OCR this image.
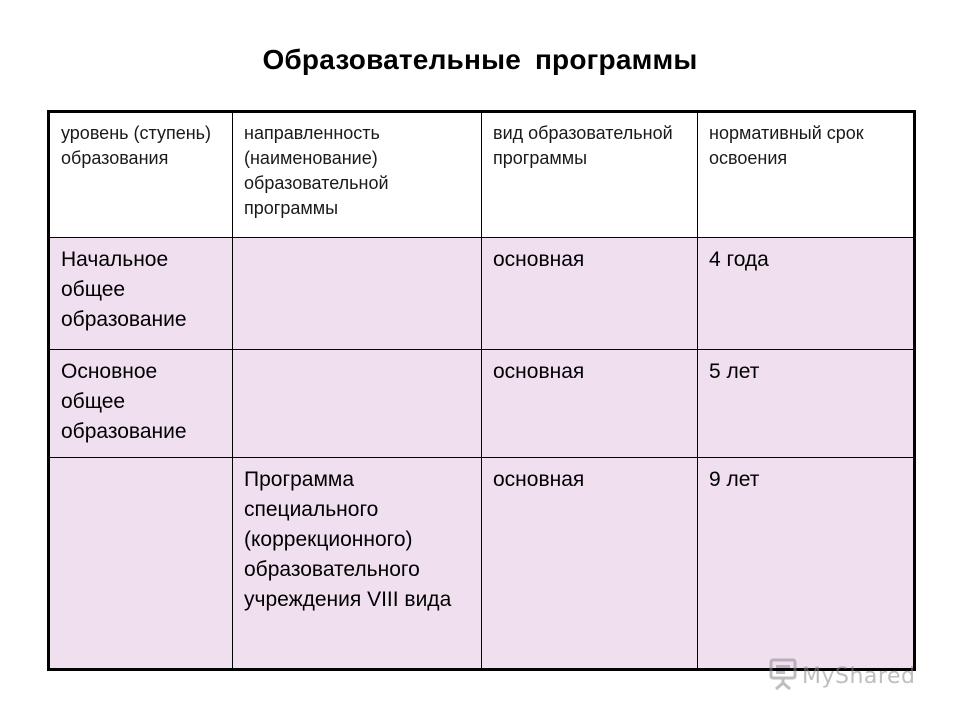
Образовательные программы
уровень (ступень) образования	направленность (наименование) образовательной программы	вид образовательной программы	нормативный срок освоения

Начальное общее образование		основная	4 года

Основное общее образование		основная	5 лет

	Программа специального (коррекционного) образовательного учреждения VIII вида	основная	9 лет
MyShared
